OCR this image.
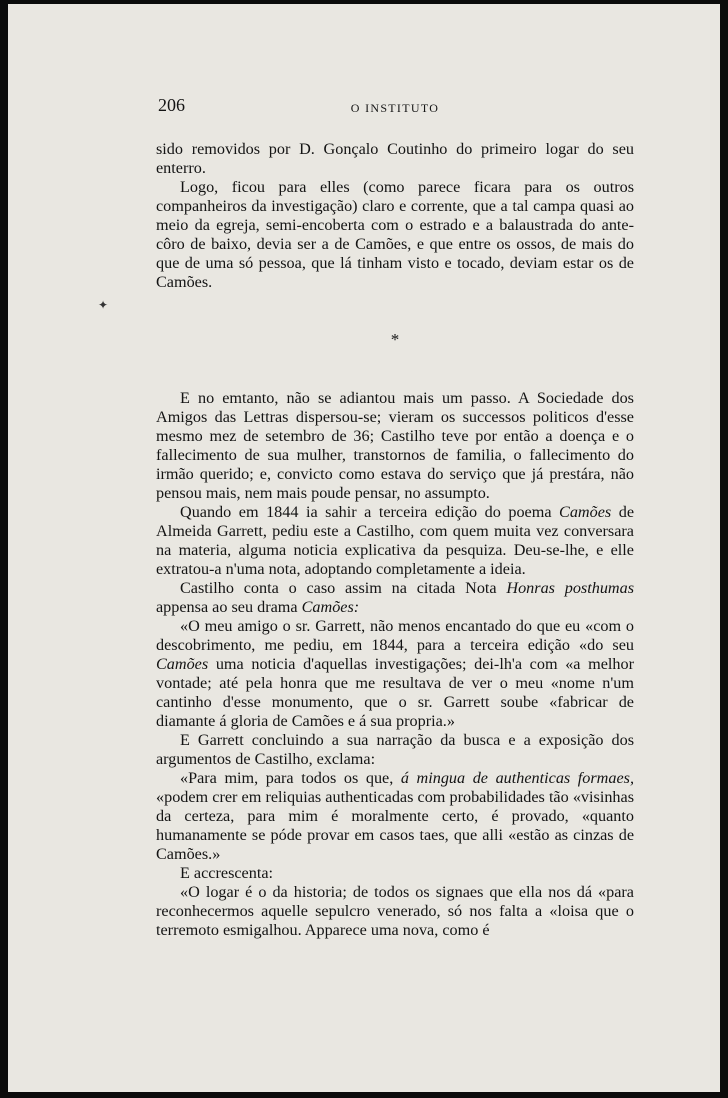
✦
206	O INSTITUTO

sido removidos por D. Gonçalo Coutinho do primeiro logar do seu enterro.

Logo, ficou para elles (como parece ficara para os outros companheiros da investigação) claro e corrente, que a tal campa quasi ao meio da egreja, semi-encoberta com o estrado e a balaustrada do ante-côro de baixo, devia ser a de Camões, e que entre os ossos, de mais do que de uma só pessoa, que lá tinham visto e tocado, deviam estar os de Camões.

*

E no emtanto, não se adiantou mais um passo. A Sociedade dos Amigos das Lettras dispersou-se; vieram os successos politicos d'esse mesmo mez de setembro de 36; Castilho teve por então a doença e o fallecimento de sua mulher, transtornos de familia, o fallecimento do irmão querido; e, convicto como estava do serviço que já prestára, não pensou mais, nem mais poude pensar, no assumpto.

Quando em 1844 ia sahir a terceira edição do poema Camões de Almeida Garrett, pediu este a Castilho, com quem muita vez conversara na materia, alguma noticia explicativa da pesquiza. Deu-se-lhe, e elle extratou-a n'uma nota, adoptando completamente a ideia.

Castilho conta o caso assim na citada Nota Honras posthumas appensa ao seu drama Camões:

«O meu amigo o sr. Garrett, não menos encantado do que eu «com o descobrimento, me pediu, em 1844, para a terceira edição «do seu Camões uma noticia d'aquellas investigações; dei-lh'a com «a melhor vontade; até pela honra que me resultava de ver o meu «nome n'um cantinho d'esse monumento, que o sr. Garrett soube «fabricar de diamante á gloria de Camões e á sua propria.»

E Garrett concluindo a sua narração da busca e a exposição dos argumentos de Castilho, exclama:

«Para mim, para todos os que, á mingua de authenticas formaes, «podem crer em reliquias authenticadas com probabilidades tão «visinhas da certeza, para mim é moralmente certo, é provado, «quanto humanamente se póde provar em casos taes, que alli «estão as cinzas de Camões.»

E accrescenta:

«O logar é o da historia; de todos os signaes que ella nos dá «para reconhecermos aquelle sepulcro venerado, só nos falta a «loisa que o terremoto esmigalhou. Apparece uma nova, como é
